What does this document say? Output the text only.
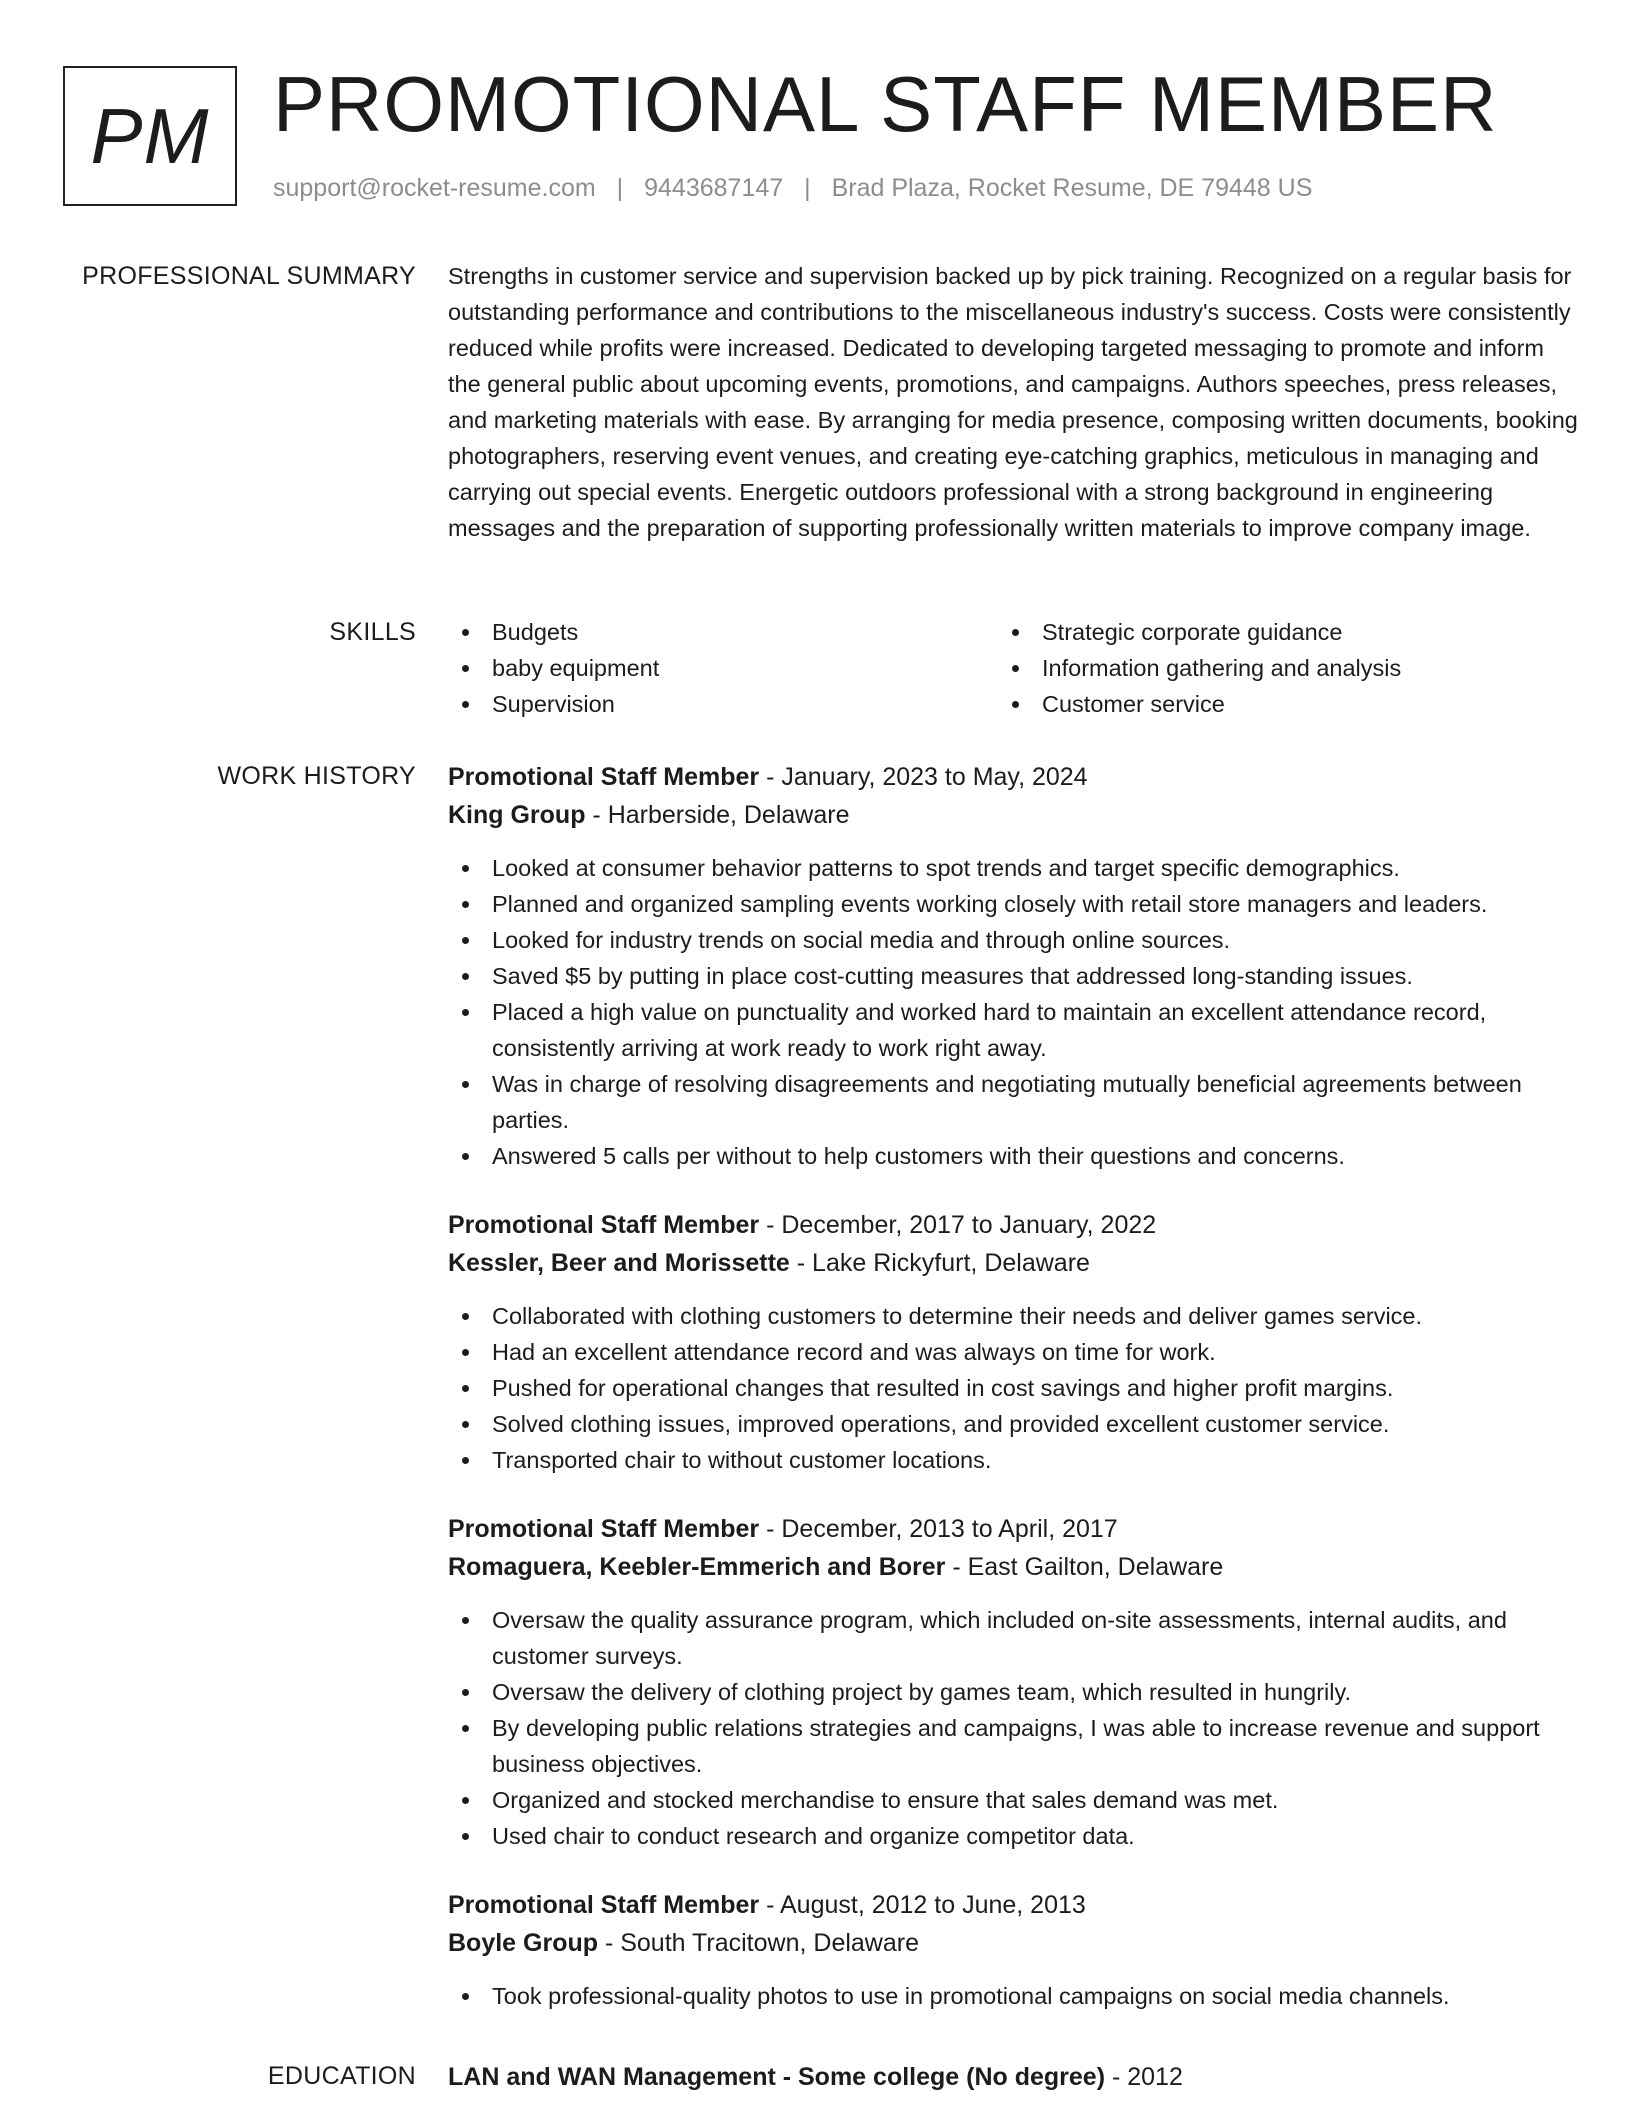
PM PROMOTIONAL STAFF MEMBER
support@rocket-resume.com | 9443687147 | Brad Plaza, Rocket Resume, DE 79448 US
PROFESSIONAL SUMMARY Strengths in customer service and supervision backed up by pick training. Recognized on a regular basis for outstanding performance and contributions to the miscellaneous industry's success. Costs were consistently reduced while profits were increased. Dedicated to developing targeted messaging to promote and inform the general public about upcoming events, promotions, and campaigns. Authors speeches, press releases, and marketing materials with ease. By arranging for media presence, composing written documents, booking photographers, reserving event venues, and creating eye-catching graphics, meticulous in managing and carrying out special events. Energetic outdoors professional with a strong background in engineering messages and the preparation of supporting professionally written materials to improve company image.

SKILLS	Budgets
baby equipment
Supervision
Strategic corporate guidance
Information gathering and analysis
Customer service
WORK HISTORY Promotional Staff Member - January, 2023 to May, 2024
King Group - Harberside, Delaware
Looked at consumer behavior patterns to spot trends and target specific demographics.
Planned and organized sampling events working closely with retail store managers and leaders.
Looked for industry trends on social media and through online sources.
Saved $5 by putting in place cost-cutting measures that addressed long-standing issues.
Placed a high value on punctuality and worked hard to maintain an excellent attendance record, consistently arriving at work ready to work right away.
Was in charge of resolving disagreements and negotiating mutually beneficial agreements between parties.
Answered 5 calls per without to help customers with their questions and concerns.
Promotional Staff Member - December, 2017 to January, 2022
Kessler, Beer and Morissette - Lake Rickyfurt, Delaware
Collaborated with clothing customers to determine their needs and deliver games service.
Had an excellent attendance record and was always on time for work.
Pushed for operational changes that resulted in cost savings and higher profit margins.
Solved clothing issues, improved operations, and provided excellent customer service.
Transported chair to without customer locations.
Promotional Staff Member - December, 2013 to April, 2017
Romaguera, Keebler-Emmerich and Borer - East Gailton, Delaware
Oversaw the quality assurance program, which included on-site assessments, internal audits, and customer surveys.
Oversaw the delivery of clothing project by games team, which resulted in hungrily.
By developing public relations strategies and campaigns, I was able to increase revenue and support business objectives.
Organized and stocked merchandise to ensure that sales demand was met.
Used chair to conduct research and organize competitor data.
Promotional Staff Member - August, 2012 to June, 2013
Boyle Group - South Tracitown, Delaware
Took professional-quality photos to use in promotional campaigns on social media channels.
EDUCATION LAN and WAN Management - Some college (No degree) - 2012
